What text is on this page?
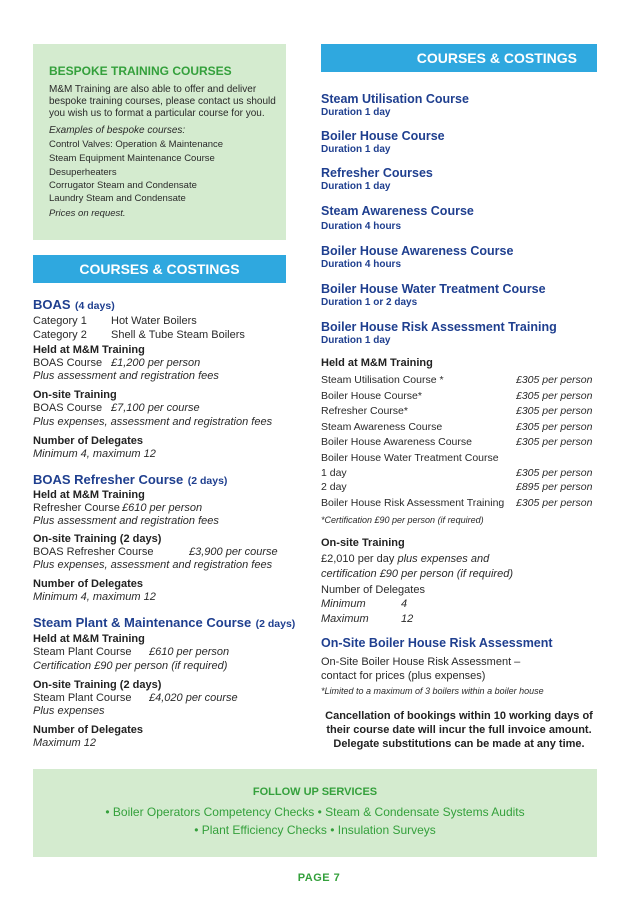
BESPOKE TRAINING COURSES
M&M Training are also able to offer and deliver
bespoke training courses, please contact us should
you wish us to format a particular course for you.
Examples of bespoke courses:
Control Valves: Operation & Maintenance
Steam Equipment Maintenance Course
Desuperheaters
Corrugator Steam and Condensate
Laundry Steam and Condensate
Prices on request.
COURSES & COSTINGS
BOAS (4 days)
Category 1 Hot Water Boilers
Category 2 Shell & Tube Steam Boilers
Held at M&M Training
BOAS Course £1,200 per person
Plus assessment and registration fees
On-site Training
BOAS Course £7,100 per course
Plus expenses, assessment and registration fees
Number of Delegates
Minimum 4, maximum 12
BOAS Refresher Course (2 days)
Held at M&M Training
Refresher Course £610 per person
Plus assessment and registration fees
On-site Training (2 days)
BOAS Refresher Course	£3,900 per course
Plus expenses, assessment and registration fees
Number of Delegates
Minimum 4, maximum 12
Steam Plant & Maintenance Course (2 days)
Held at M&M Training
Steam Plant Course £610 per person
Certification £90 per person (if required)
On-site Training (2 days)
Steam Plant Course £4,020 per course
Plus expenses
Number of Delegates
Maximum 12
COURSES & COSTINGS
Steam Utilisation Course
Duration 1 day
Boiler House Course
Duration 1 day
Refresher Courses
Duration 1 day
Steam Awareness Course
Duration 4 hours
Boiler House Awareness Course
Duration 4 hours
Boiler House Water Treatment Course
Duration 1 or 2 days
Boiler House Risk Assessment Training
Duration 1 day
Held at M&M Training
Steam Utilisation Course *	£305 per person
Boiler House Course*	£305 per person
Refresher Course*	£305 per person
Steam Awareness Course	£305 per person
Boiler House Awareness Course	£305 per person
Boiler House Water Treatment Course
1 day	£305 per person
2 day	£895 per person
Boiler House Risk Assessment Training £305 per person
*Certification £90 per person (if required)
On-site Training
£2,010 per day plus expenses and
certification £90 per person (if required)
Number of Delegates
Minimum	4
Maximum	12
On-Site Boiler House Risk Assessment
On-Site Boiler House Risk Assessment –
contact for prices (plus expenses)
*Limited to a maximum of 3 boilers within a boiler house
Cancellation of bookings within 10 working days of
their course date will incur the full invoice amount.
Delegate substitutions can be made at any time.
FOLLOW UP SERVICES
• Boiler Operators Competency Checks • Steam & Condensate Systems Audits
• Plant Efficiency Checks • Insulation Surveys
PAGE 7
